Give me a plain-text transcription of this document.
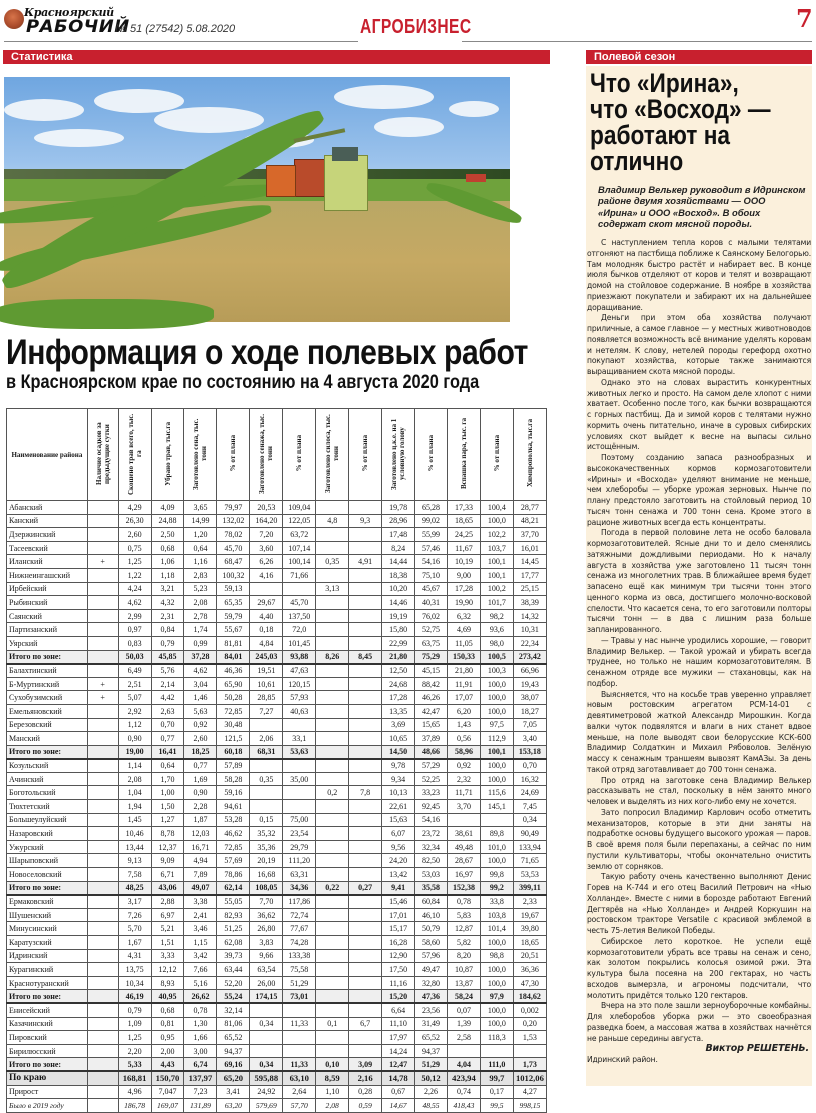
Красноярский
РАБОЧИЙ
№ 51 (27542) 5.08.2020	АГРОБИЗНЕС	7
Статистика	Полевой сезон
Информация о ходе полевых работ
в Красноярском крае по состоянию на 4 августа 2020 года
Наименование района	Наличие осадков за предыдущие сутки	Скошено трав всего, тыс. га	Убрано трав, тыс.га	Заготовлено сена, тыс. тонн	% от плана	Заготовлено сенажа, тыс. тонн	% от плана	Заготовлено силоса, тыс. тонн	% от плана	Заготовлено ц.к.е. на 1 условную голову	% от плана	Вспашка пара, тыс. га	% от плана	Химпрополка, тыс.га
Абанский		4,29	4,09	3,65	79,97	20,53	109,04			19,78	65,28	17,33	100,4	28,77
Канский		26,30	24,88	14,99	132,02	164,20	122,05	4,8	9,3	28,96	99,02	18,65	100,0	48,21
Дзержинский		2,60	2,50	1,20	78,02	7,20	63,72			17,48	55,99	24,25	102,2	37,70
Тасеевский		0,75	0,68	0,64	45,70	3,60	107,14			8,24	57,46	11,67	103,7	16,01
Иланский	+	1,25	1,06	1,16	68,47	6,26	100,14	0,35	4,91	14,44	54,16	10,19	100,1	14,45
Нижнеингашский		1,22	1,18	2,83	100,32	4,16	71,66			18,38	75,10	9,00	100,1	17,77
Ирбейский		4,24	3,21	5,23	59,13			3,13		10,20	45,67	17,28	100,2	25,15
Рыбинский		4,62	4,32	2,08	65,35	29,67	45,70			14,46	40,31	19,90	101,7	38,39
Саянский		2,99	2,31	2,78	59,79	4,40	137,50			19,19	76,02	6,32	98,2	14,32
Партизанский		0,97	0,84	1,74	55,67	0,18	72,0			15,80	52,75	4,69	93,6	10,31
Уярский		0,83	0,79	0,99	81,81	4,84	101,45			22,99	63,75	11,05	98,0	22,34
Итого по зоне:		50,03	45,85	37,28	84,01	245,03	93,88	8,26	8,45	21,80	75,29	150,33	100,5	273,42
Балахтинский		6,49	5,76	4,62	46,36	19,51	47,63			12,50	45,15	21,80	100,3	66,96
Б-Муртинский	+	2,51	2,14	3,04	65,90	10,61	120,15			24,68	88,42	11,91	100,0	19,43
Сухобузимский	+	5,07	4,42	1,46	50,28	28,85	57,93			17,28	46,26	17,07	100,0	38,07
Емельяновский		2,92	2,63	5,63	72,85	7,27	40,63			13,35	42,47	6,20	100,0	18,27
Березовский		1,12	0,70	0,92	30,48					3,69	15,65	1,43	97,5	7,05
Манский		0,90	0,77	2,60	121,5	2,06	33,1			10,65	37,89	0,56	112,9	3,40
Итого по зоне:		19,00	16,41	18,25	60,18	68,31	53,63			14,50	48,66	58,96	100,1	153,18
Козульский		1,14	0,64	0,77	57,89					9,78	57,29	0,92	100,0	0,70
Ачинский		2,08	1,70	1,69	58,28	0,35	35,00			9,34	52,25	2,32	100,0	16,32
Боготольский		1,04	1,00	0,90	59,16			0,2	7,8	10,13	33,23	11,71	115,6	24,69
Тюхтетский		1,94	1,50	2,28	94,61					22,61	92,45	3,70	145,1	7,45
Большеулуйский		1,45	1,27	1,87	53,28	0,15	75,00			15,63	54,16			0,34
Назаровский		10,46	8,78	12,03	46,62	35,32	23,54			6,07	23,72	38,61	89,8	90,49
Ужурский		13,44	12,37	16,71	72,85	35,36	29,79			9,56	32,34	49,48	101,0	133,94
Шарыповский		9,13	9,09	4,94	57,69	20,19	111,20			24,20	82,50	28,67	100,0	71,65
Новоселовский		7,58	6,71	7,89	78,86	16,68	63,31			13,42	53,03	16,97	99,8	53,53
Итого по зоне:		48,25	43,06	49,07	62,14	108,05	34,36	0,22	0,27	9,41	35,58	152,38	99,2	399,11
Ермаковский		3,17	2,88	3,38	55,05	7,70	117,86			15,46	60,84	0,78	33,8	2,33
Шушенский		7,26	6,97	2,41	82,93	36,62	72,74			17,01	46,10	5,83	103,8	19,67
Минусинский		5,70	5,21	3,46	51,25	26,80	77,67			15,17	50,79	12,87	101,4	39,80
Каратузский		1,67	1,51	1,15	62,08	3,83	74,28			16,28	58,60	5,82	100,0	18,65
Идринский		4,31	3,33	3,42	39,73	9,66	133,38			12,90	57,96	8,20	98,8	20,51
Курагинский		13,75	12,12	7,66	63,44	63,54	75,58			17,50	49,47	10,87	100,0	36,36
Краснотуранский		10,34	8,93	5,16	52,20	26,00	51,29			11,16	32,80	13,87	100,0	47,30
Итого по зоне:		46,19	40,95	26,62	55,24	174,15	73,01			15,20	47,36	58,24	97,9	184,62
Енисейский		0,79	0,68	0,78	32,14					6,64	23,56	0,07	100,0	0,002
Казачинский		1,09	0,81	1,30	81,06	0,34	11,33	0,1	6,7	11,10	31,49	1,39	100,0	0,20
Пировский		1,25	0,95	1,66	65,52					17,97	65,52	2,58	118,3	1,53
Бирилюсский		2,20	2,00	3,00	94,37					14,24	94,37			
Итого по зоне:		5,33	4,43	6,74	69,16	0,34	11,33	0,10	3,09	12,47	51,29	4,04	111,0	1,73
По краю		168,81	150,70	137,97	65,20	595,88	63,10	8,59	2,16	14,78	50,12	423,94	99,7	1012,06
Прирост		4,96	7,047	7,23	3,41	24,92	2,64	1,10	0,28	0,67	2,26	0,74	0,17	4,27
Было в 2019 году		186,78	169,07	131,89	63,20	579,69	57,70	2,08	0,59	14,67	48,55	418,43	99,5	998,15
Что «Ирина», что «Восход» — работают на отлично
Владимир Велькер руководит в Идринском районе двумя хозяйствами — ООО «Ирина» и ООО «Восход». В обоих содержат скот мясной породы.

С наступлением тепла коров с малыми телятами отгоняют на пастбища поближе к Саянскому Белогорью. Там молодняк быстро растёт и набирает вес. В конце июля бычков отделяют от коров и телят и возвращают домой на стойловое содержание. В ноябре в хозяйства приезжают покупатели и забирают их на дальнейшее доращивание.

Деньги при этом оба хозяйства получают приличные, а самое главное — у местных животноводов появляется возможность всё внимание уделять коровам и нетелям. К слову, нетелей породы герефорд охотно покупают хозяйства, которые также занимаются выращиванием скота мясной породы.

Однако это на словах вырастить конкурентных животных легко и просто. На самом деле хлопот с ними хватает. Особенно после того, как бычки возвращаются с горных пастбищ. Да и зимой коров с телятами нужно кормить очень питательно, иначе в суровых сибирских условиях скот выйдет к весне на выпасы сильно истощённым.

Поэтому созданию запаса разнообразных и высококачественных кормов кормозаготовители «Ирины» и «Восхода» уделяют внимание не меньше, чем хлеборобы — уборке урожая зерновых. Нынче по плану предстояло заготовить на стойловый период 10 тысяч тонн сенажа и 700 тонн сена. Кроме этого в рационе животных всегда есть концентраты.

Погода в первой половине лета не особо баловала кормозаготовителей. Ясные дни то и дело сменялись затяжными дождливыми периодами. Но к началу августа в хозяйства уже заготовлено 11 тысяч тонн сенажа из многолетних трав. В ближайшее время будет запасено ещё как минимум три тысячи тонн этого ценного корма из овса, достигшего молочно-восковой спелости. Что касается сена, то его заготовили полторы тысячи тонн — в два с лишним раза больше запланированного.

— Травы у нас нынче уродились хорошие, — говорит Владимир Велькер. — Такой урожай и убирать всегда труднее, но только не нашим кормозаготовителям. В сенажном отряде все мужики — стахановцы, как на подбор.

Выясняется, что на косьбе трав уверенно управляет новым ростовским агрегатом РСМ-14-01 с девятиметровой жаткой Александр Мирошкин. Когда валки чуток подвялятся и влаги в них станет вдвое меньше, на поле выводят свои белорусские КСК-600 Владимир Солдаткин и Михаил Рябоволов. Зелёную массу к сенажным траншеям вывозят КамАЗы. За день такой отряд заготавливает до 700 тонн сенажа.

Про отряд на заготовке сена Владимир Велькер рассказывать не стал, поскольку в нём занято много человек и выделять из них кого-либо ему не хочется.

Зато попросил Владимир Карлович особо отметить механизаторов, которые в эти дни заняты на подработке основы будущего высокого урожая — паров. В своё время поля были перепаханы, а сейчас по ним пустили культиваторы, чтобы окончательно очистить землю от сорняков.

Такую работу очень качественно выполняют Денис Горев на К-744 и его отец Василий Петрович на «Нью Холланде». Вместе с ними в борозде работают Евгений Дегтярёв на «Нью Холланде» и Андрей Коркушин на ростовском тракторе Versatile с красивой эмблемой в честь 75-летия Великой Победы.

Сибирское лето короткое. Не успели ещё кормозаготовители убрать все травы на сенаж и сено, как золотом покрылись колосья озимой ржи. Эта культура была посеяна на 200 гектарах, но часть всходов вымерзла, и агрономы подсчитали, что молотить придётся только 120 гектаров.

Вчера на это поле зашли зерноуборочные комбайны. Для хлеборобов уборка ржи — это своеобразная разведка боем, а массовая жатва в хозяйствах начнётся не раньше середины августа.

Виктор РЕШЕТЕНЬ.

Идринский район.
